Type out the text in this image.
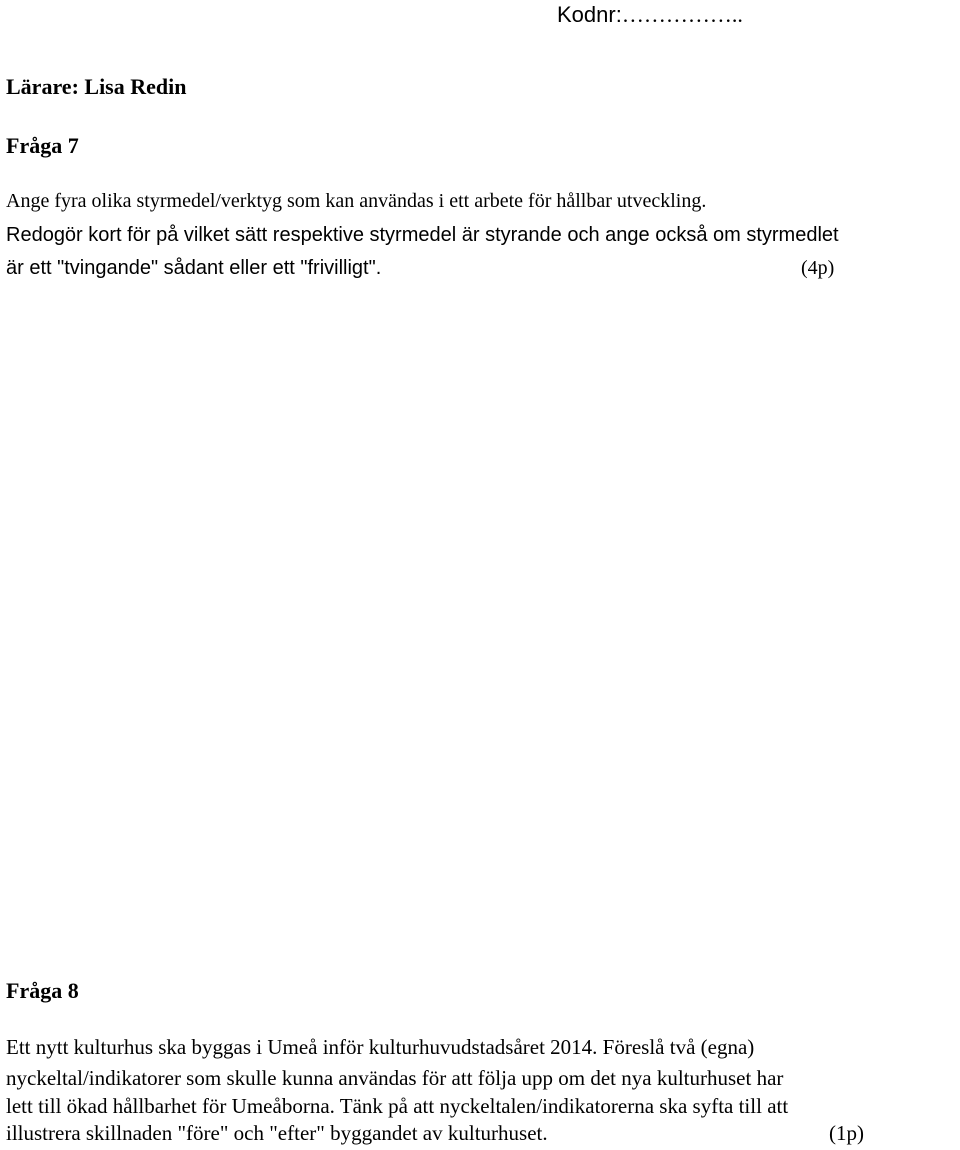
Kodnr:……………..
Lärare: Lisa Redin
Fråga 7
Ange fyra olika styrmedel/verktyg som kan användas i ett arbete för hållbar utveckling.
Redogör kort för på vilket sätt respektive styrmedel är styrande och ange också om styrmedlet
är ett "tvingande" sådant eller ett "frivilligt".	(4p)
Fråga 8
Ett nytt kulturhus ska byggas i Umeå inför kulturhuvudstadsåret 2014. Föreslå två (egna)
nyckeltal/indikatorer som skulle kunna användas för att följa upp om det nya kulturhuset har
lett till ökad hållbarhet för Umeåborna. Tänk på att nyckeltalen/indikatorerna ska syfta till att
illustrera skillnaden "före" och "efter" byggandet av kulturhuset.	(1p)
